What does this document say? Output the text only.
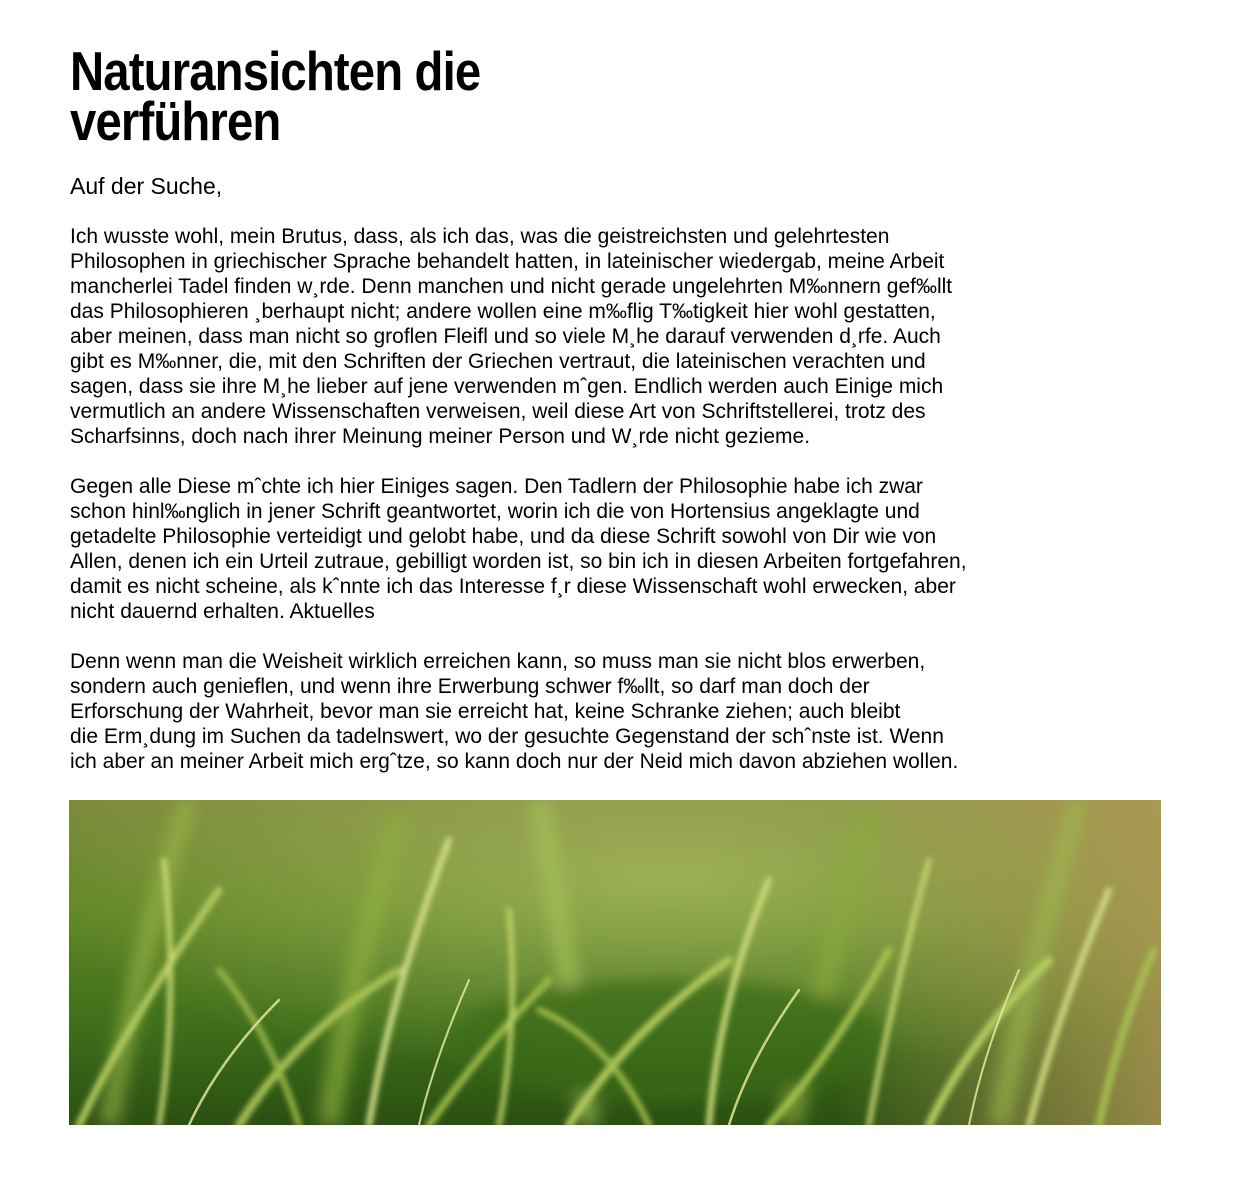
Naturansichten die verführen
Auf der Suche,

Ich wusste wohl, mein Brutus, dass, als ich das, was die geistreichsten und gelehrtesten
Philosophen in griechischer Sprache behandelt hatten, in lateinischer wiedergab, meine Arbeit
mancherlei Tadel finden w¸rde. Denn manchen und nicht gerade ungelehrten M‰nnern gef‰llt
das Philosophieren ¸berhaupt nicht; andere wollen eine m‰flig T‰tigkeit hier wohl gestatten,
aber meinen, dass man nicht so groflen Fleifl und so viele M¸he darauf verwenden d¸rfe. Auch
gibt es M‰nner, die, mit den Schriften der Griechen vertraut, die lateinischen verachten und
sagen, dass sie ihre M¸he lieber auf jene verwenden mˆgen. Endlich werden auch Einige mich
vermutlich an andere Wissenschaften verweisen, weil diese Art von Schriftstellerei, trotz des
Scharfsinns, doch nach ihrer Meinung meiner Person und W¸rde nicht gezieme.

Gegen alle Diese mˆchte ich hier Einiges sagen. Den Tadlern der Philosophie habe ich zwar
schon hinl‰nglich in jener Schrift geantwortet, worin ich die von Hortensius angeklagte und
getadelte Philosophie verteidigt und gelobt habe, und da diese Schrift sowohl von Dir wie von
Allen, denen ich ein Urteil zutraue, gebilligt worden ist, so bin ich in diesen Arbeiten fortgefahren,
damit es nicht scheine, als kˆnnte ich das Interesse f¸r diese Wissenschaft wohl erwecken, aber
nicht dauernd erhalten. Aktuelles

Denn wenn man die Weisheit wirklich erreichen kann, so muss man sie nicht blos erwerben,
sondern auch genieflen, und wenn ihre Erwerbung schwer f‰llt, so darf man doch der
Erforschung der Wahrheit, bevor man sie erreicht hat, keine Schranke ziehen; auch bleibt
die Erm¸dung im Suchen da tadelnswert, wo der gesuchte Gegenstand der schˆnste ist. Wenn
ich aber an meiner Arbeit mich ergˆtze, so kann doch nur der Neid mich davon abziehen wollen.
